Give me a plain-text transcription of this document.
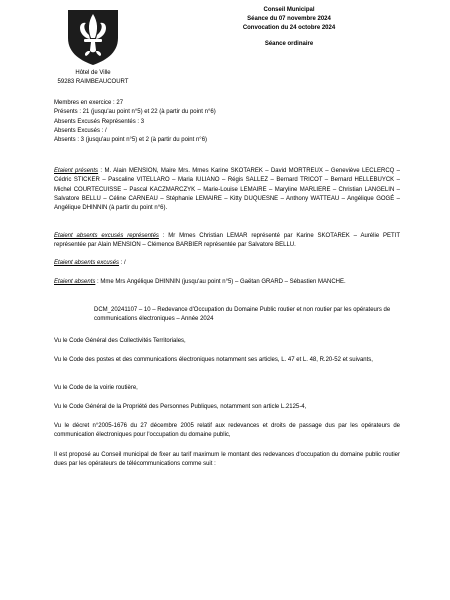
Hôtel de Ville
59283 RAIMBEAUCOURT
Conseil Municipal
Séance du 07 novembre 2024
Convocation du 24 octobre 2024
Séance ordinaire

Membres en exercice : 27

Présents : 21 (jusqu'au point n°5) et 22 (à partir du point n°6)

Absents Excusés Représentés : 3

Absents Excusés : /

Absents : 3 (jusqu'au point n°5) et 2 (à partir du point n°6)

Etaient présents : M. Alain MENSION, Maire Mrs. Mmes Karine SKOTAREK – David MORTREUX – Geneviève LECLERCQ – Cédric STICKER – Pascaline VITELLARO – Maria IULIANO – Régis SALLEZ – Bernard TRICOT – Bernard HELLEBUYCK – Michel COURTECUISSE – Pascal KACZMARCZYK – Marie-Louise LEMAIRE – Maryline MARLIERE – Christian LANGELIN – Salvatore BELLU – Céline CARNEAU – Stéphanie LEMAIRE – Kitty DUQUESNE – Anthony WATTEAU – Angélique GOGÉ – Angélique DHINNIN (à partir du point n°6).

Etaient absents excusés représentés : Mr Mmes Christian LEMAR représenté par Karine SKOTAREK – Aurélie PETIT représentée par Alain MENSION – Clémence BARBIER représentée par Salvatore BELLU.

Etaient absents excusés : /

Etaient absents : Mme Mrs Angélique DHINNIN (jusqu'au point n°5) – Gaëtan GRARD – Sébastien MANCHE.

DCM_20241107 – 10 – Redevance d'Occupation du Domaine Public routier et non routier par les opérateurs de communications électroniques – Année 2024
Vu le Code Général des Collectivités Territoriales,
Vu le Code des postes et des communications électroniques notamment ses articles, L. 47 et L. 48, R.20-52 et suivants,
Vu le Code de la voirie routière,
Vu le Code Général de la Propriété des Personnes Publiques, notamment son article L.2125-4,
Vu le décret n°2005-1676 du 27 décembre 2005 relatif aux redevances et droits de passage dus par les opérateurs de communication électroniques pour l'occupation du domaine public,
Il est proposé au Conseil municipal de fixer au tarif maximum le montant des redevances d'occupation du domaine public routier dues par les opérateurs de télécommunications comme suit :
